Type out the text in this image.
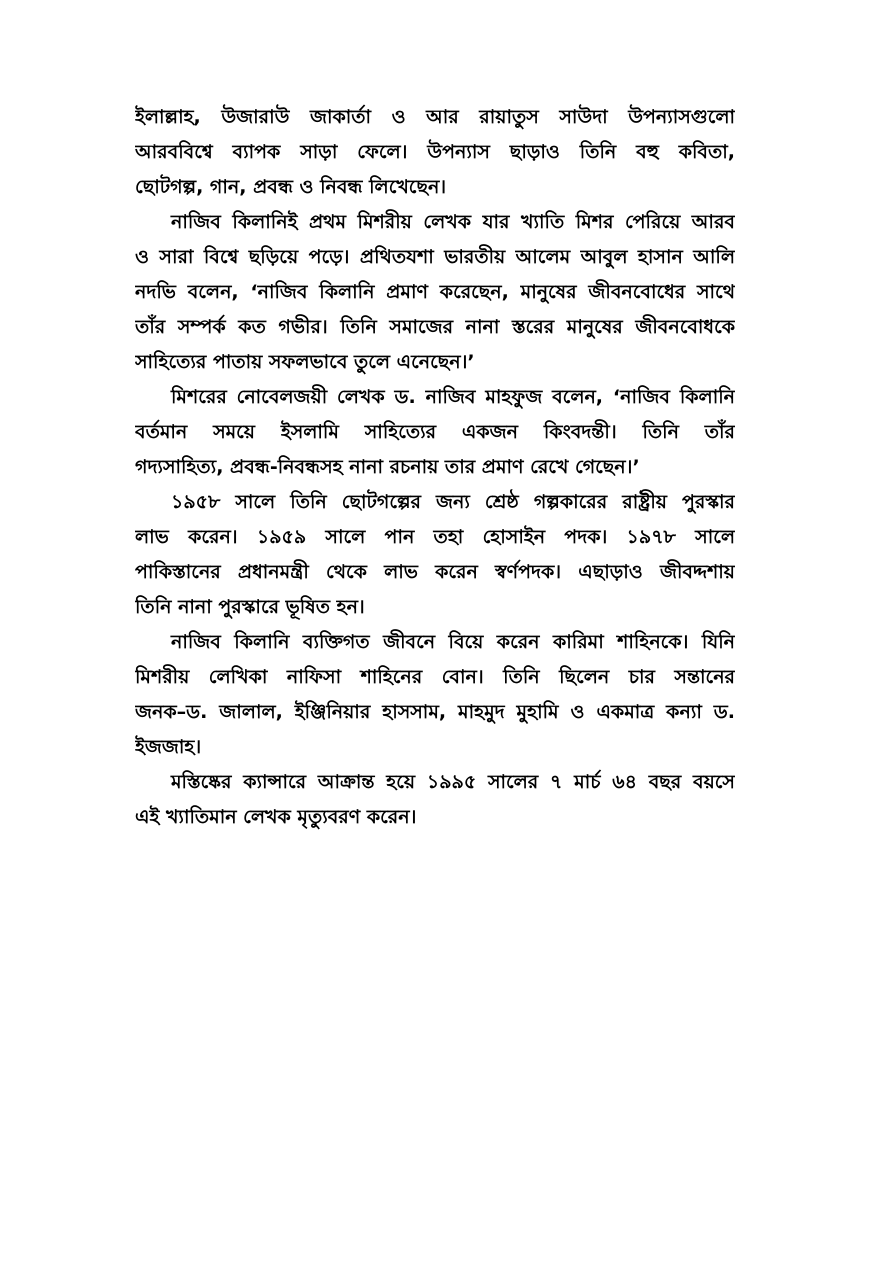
ইলাল্লাহ, উজারাউ জাকার্তা ও আর রায়াতুস সাউদা উপন্যাসগুলো
আরববিশ্বে ব্যাপক সাড়া ফেলে। উপন্যাস ছাড়াও তিনি বহু কবিতা,
ছোটগল্প, গান, প্রবন্ধ ও নিবন্ধ লিখেছেন।

নাজিব কিলানিই প্রথম মিশরীয় লেখক যার খ্যাতি মিশর পেরিয়ে আরব
ও সারা বিশ্বে ছড়িয়ে পড়ে। প্রথিতযশা ভারতীয় আলেম আবুল হাসান আলি
নদভি বলেন, ‘নাজিব কিলানি প্রমাণ করেছেন, মানুষের জীবনবোধের সাথে
তাঁর সম্পর্ক কত গভীর। তিনি সমাজের নানা স্তরের মানুষের জীবনবোধকে
সাহিত্যের পাতায় সফলভাবে তুলে এনেছেন।’

মিশরের নোবেলজয়ী লেখক ড. নাজিব মাহফুজ বলেন, ‘নাজিব কিলানি
বর্তমান সময়ে ইসলামি সাহিত্যের একজন কিংবদন্তী। তিনি তাঁর
গদ্যসাহিত্য, প্রবন্ধ-নিবন্ধসহ নানা রচনায় তার প্রমাণ রেখে গেছেন।’

১৯৫৮ সালে তিনি ছোটগল্পের জন্য শ্রেষ্ঠ গল্পকারের রাষ্ট্রীয় পুরস্কার
লাভ করেন। ১৯৫৯ সালে পান তহা হোসাইন পদক। ১৯৭৮ সালে
পাকিস্তানের প্রধানমন্ত্রী থেকে লাভ করেন স্বর্ণপদক। এছাড়াও জীবদ্দশায়
তিনি নানা পুরস্কারে ভূষিত হন।

নাজিব কিলানি ব্যক্তিগত জীবনে বিয়ে করেন কারিমা শাহিনকে। যিনি
মিশরীয় লেখিকা নাফিসা শাহিনের বোন। তিনি ছিলেন চার সন্তানের
জনক–ড. জালাল, ইঞ্জিনিয়ার হাসসাম, মাহমুদ মুহামি ও একমাত্র কন্যা ড.
ইজজাহ।

মস্তিষ্কের ক্যান্সারে আক্রান্ত হয়ে ১৯৯৫ সালের ৭ মার্চ ৬৪ বছর বয়সে
এই খ্যাতিমান লেখক মৃত্যুবরণ করেন।
